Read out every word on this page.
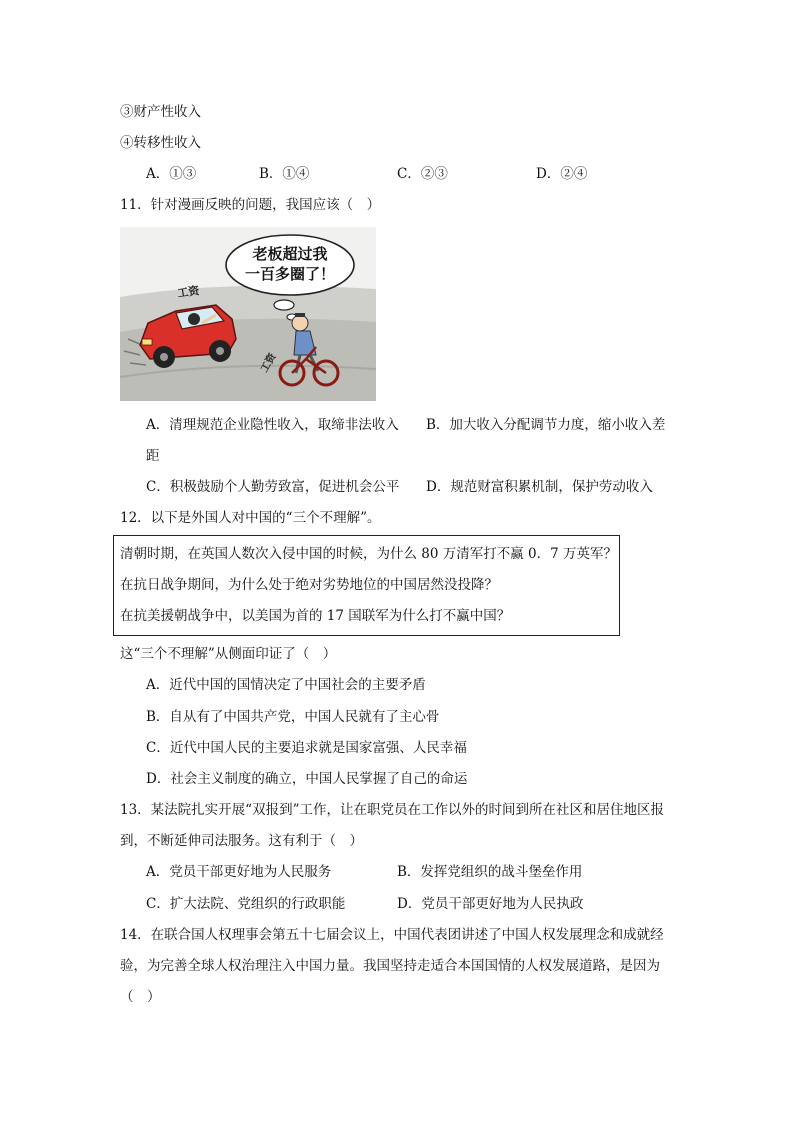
③财产性收入
④转移性收入
A．①③	B．①④	C．②③	D．②④
11．针对漫画反映的问题，我国应该（　）
老板超过我
一百多圈了！
工资
工资
A．清理规范企业隐性收入，取缔非法收入 B．加大收入分配调节力度，缩小收入差
距
C．积极鼓励个人勤劳致富，促进机会公平 D．规范财富积累机制，保护劳动收入
12．以下是外国人对中国的“三个不理解”。
清朝时期，在英国人数次入侵中国的时候，为什么 80 万清军打不赢 0．7 万英军？
在抗日战争期间，为什么处于绝对劣势地位的中国居然没投降？
在抗美援朝战争中，以美国为首的 17 国联军为什么打不赢中国？
这“三个不理解”从侧面印证了（　）
A．近代中国的国情决定了中国社会的主要矛盾
B．自从有了中国共产党，中国人民就有了主心骨
C．近代中国人民的主要追求就是国家富强、人民幸福
D．社会主义制度的确立，中国人民掌握了自己的命运
13．某法院扎实开展“双报到”工作，让在职党员在工作以外的时间到所在社区和居住地区报
到，不断延伸司法服务。这有利于（　）
A．党员干部更好地为人民服务	B．发挥党组织的战斗堡垒作用
C．扩大法院、党组织的行政职能	D．党员干部更好地为人民执政
14．在联合国人权理事会第五十七届会议上，中国代表团讲述了中国人权发展理念和成就经
验，为完善全球人权治理注入中国力量。我国坚持走适合本国国情的人权发展道路，是因为
（　）
